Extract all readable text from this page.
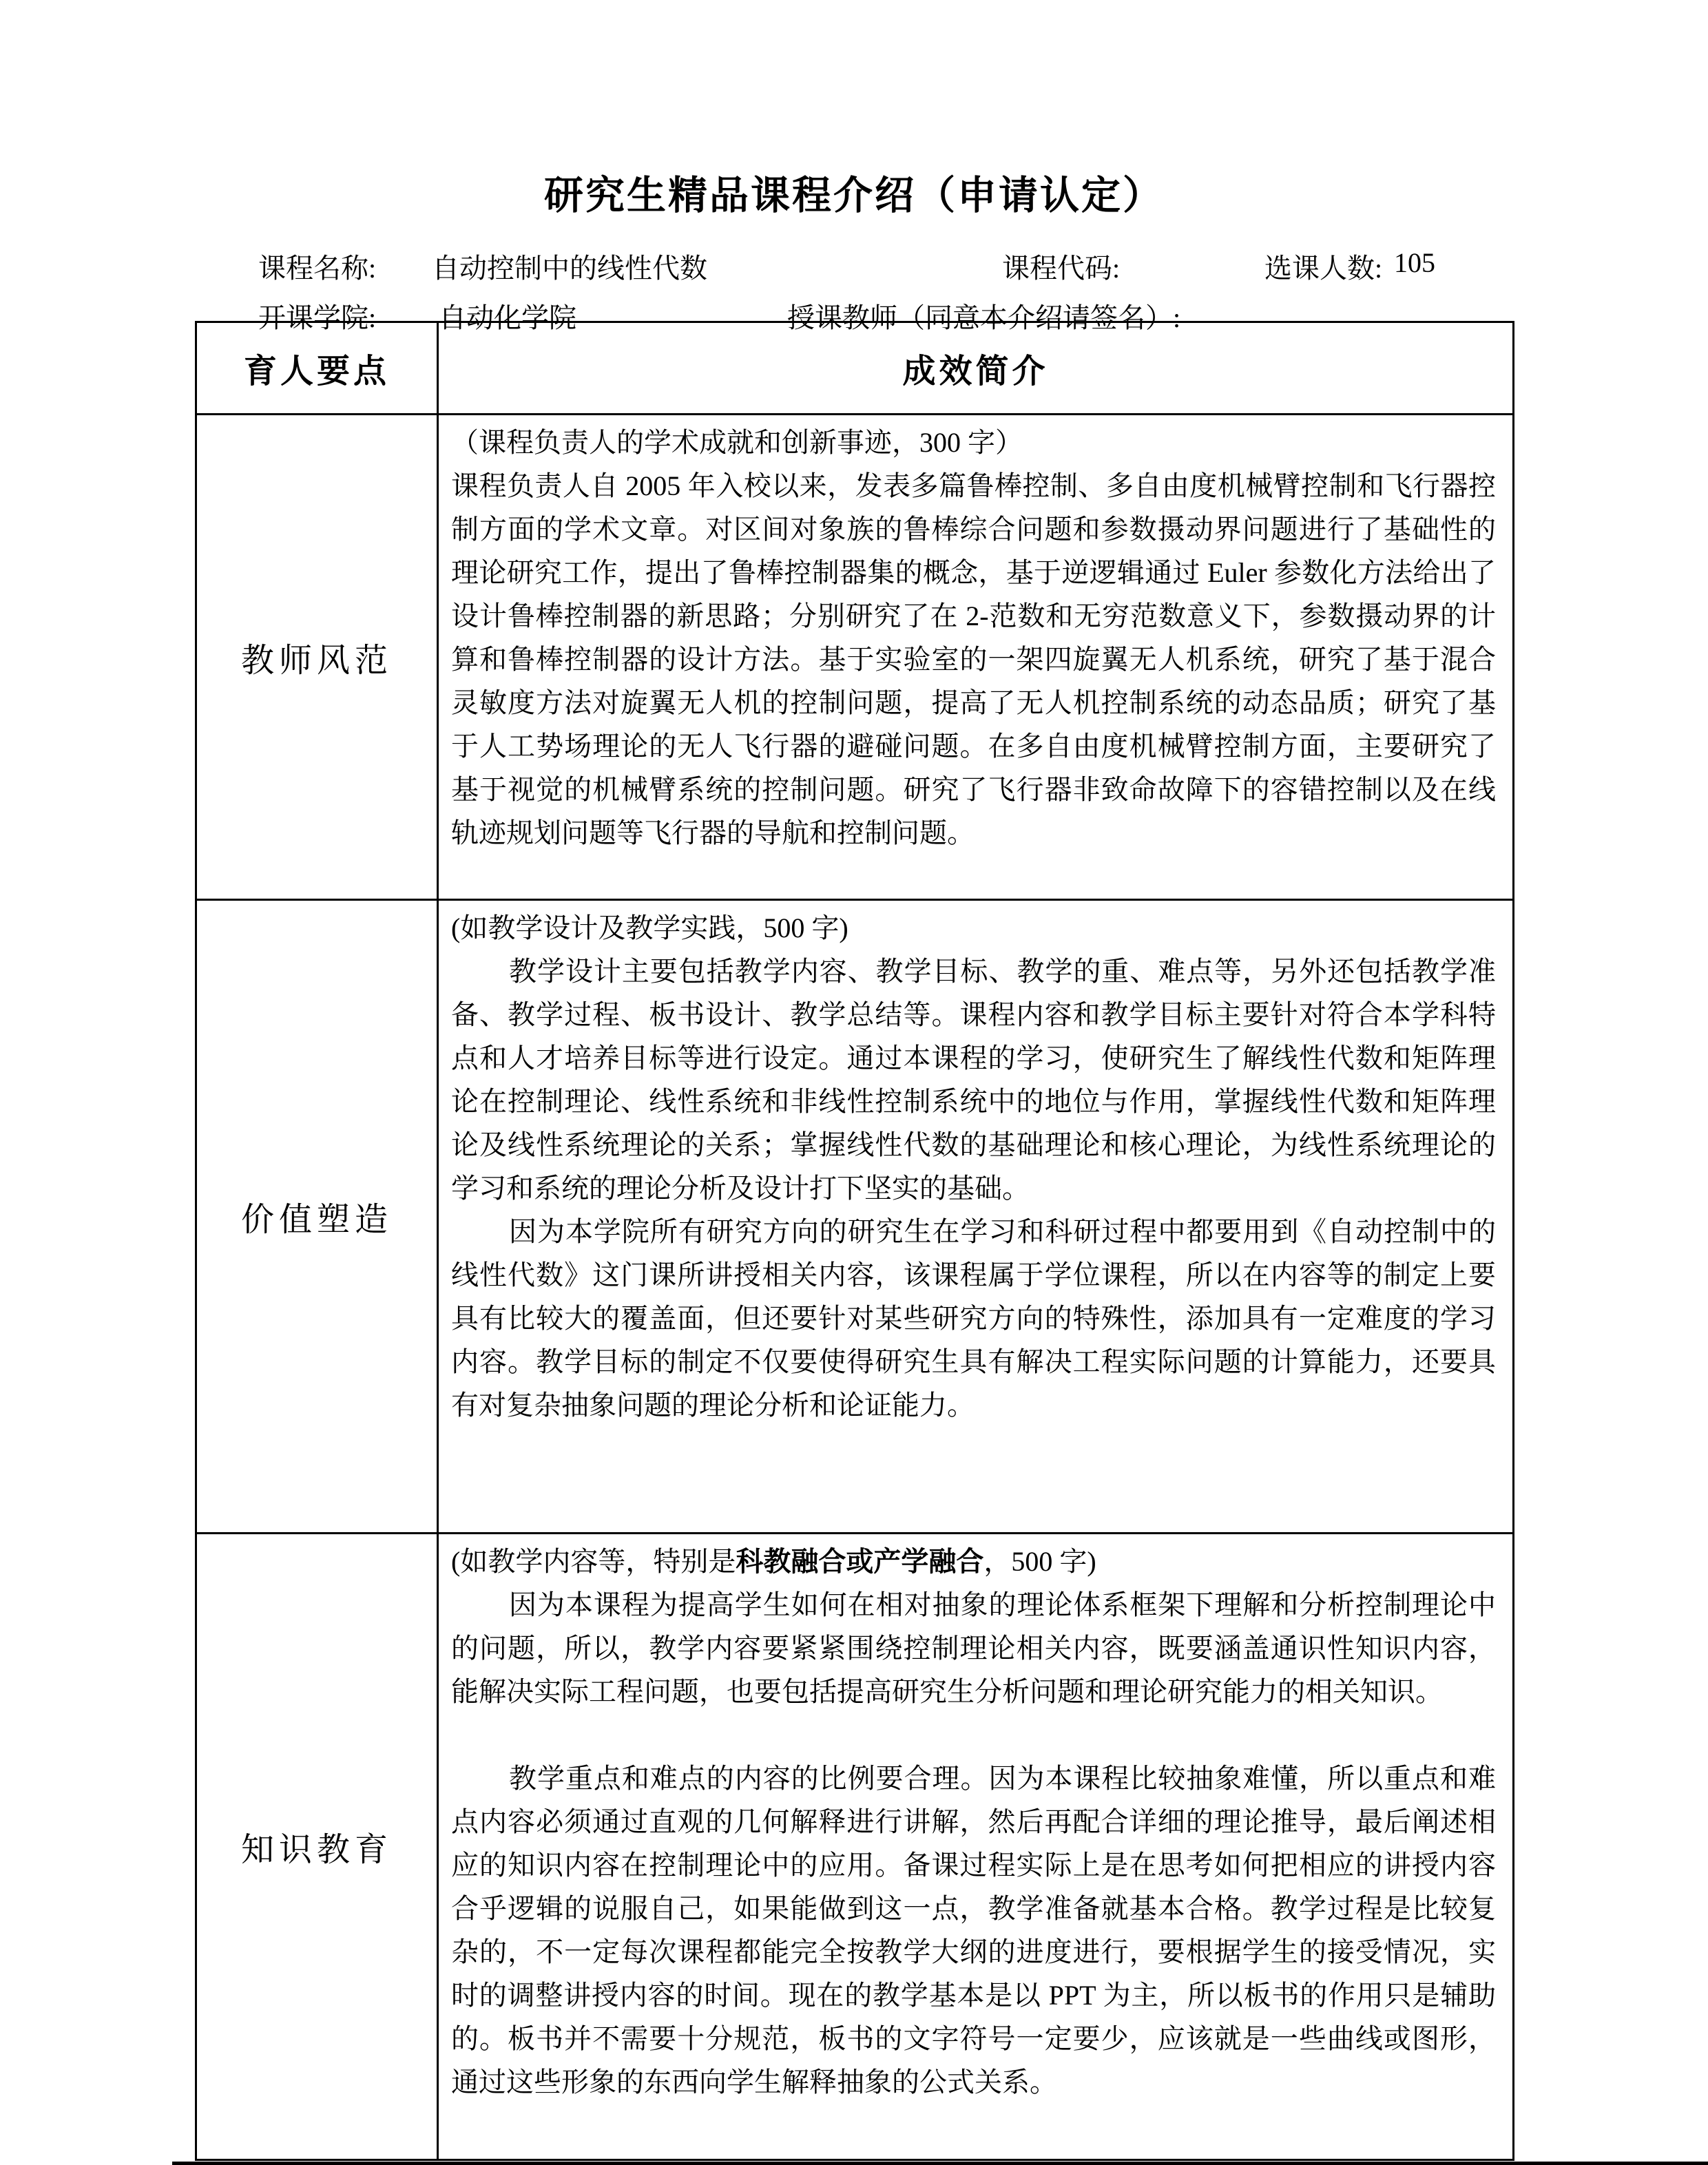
研究生精品课程介绍（申请认定）
课程名称: 自动控制中的线性代数	课程代码:	选课人数: 105
开课学院: 自动化学院	授课教师（同意本介绍请签名）:
育人要点	成效简介
教师风范	（课程负责人的学术成就和创新事迹，300 字）

课程负责人自 2005 年入校以来，发表多篇鲁棒控制、多自由度机械臂控制和飞行器控制方面的学术文章。对区间对象族的鲁棒综合问题和参数摄动界问题进行了基础性的理论研究工作，提出了鲁棒控制器集的概念，基于逆逻辑通过 Euler 参数化方法给出了设计鲁棒控制器的新思路；分别研究了在 2-范数和无穷范数意义下，参数摄动界的计算和鲁棒控制器的设计方法。基于实验室的一架四旋翼无人机系统，研究了基于混合灵敏度方法对旋翼无人机的控制问题，提高了无人机控制系统的动态品质；研究了基于人工势场理论的无人飞行器的避碰问题。在多自由度机械臂控制方面，主要研究了基于视觉的机械臂系统的控制问题。研究了飞行器非致命故障下的容错控制以及在线轨迹规划问题等飞行器的导航和控制问题。

价值塑造	(如教学设计及教学实践，500 字)

教学设计主要包括教学内容、教学目标、教学的重、难点等，另外还包括教学准备、教学过程、板书设计、教学总结等。课程内容和教学目标主要针对符合本学科特点和人才培养目标等进行设定。通过本课程的学习，使研究生了解线性代数和矩阵理论在控制理论、线性系统和非线性控制系统中的地位与作用，掌握线性代数和矩阵理论及线性系统理论的关系；掌握线性代数的基础理论和核心理论，为线性系统理论的学习和系统的理论分析及设计打下坚实的基础。

因为本学院所有研究方向的研究生在学习和科研过程中都要用到《自动控制中的线性代数》这门课所讲授相关内容，该课程属于学位课程，所以在内容等的制定上要具有比较大的覆盖面，但还要针对某些研究方向的特殊性，添加具有一定难度的学习内容。教学目标的制定不仅要使得研究生具有解决工程实际问题的计算能力，还要具有对复杂抽象问题的理论分析和论证能力。

知识教育	(如教学内容等，特别是科教融合或产学融合，500 字)

因为本课程为提高学生如何在相对抽象的理论体系框架下理解和分析控制理论中的问题，所以，教学内容要紧紧围绕控制理论相关内容，既要涵盖通识性知识内容，能解决实际工程问题，也要包括提高研究生分析问题和理论研究能力的相关知识。

教学重点和难点的内容的比例要合理。因为本课程比较抽象难懂，所以重点和难点内容必须通过直观的几何解释进行讲解，然后再配合详细的理论推导，最后阐述相应的知识内容在控制理论中的应用。备课过程实际上是在思考如何把相应的讲授内容合乎逻辑的说服自己，如果能做到这一点，教学准备就基本合格。教学过程是比较复杂的，不一定每次课程都能完全按教学大纲的进度进行，要根据学生的接受情况，实时的调整讲授内容的时间。现在的教学基本是以 PPT 为主，所以板书的作用只是辅助的。板书并不需要十分规范，板书的文字符号一定要少，应该就是一些曲线或图形，通过这些形象的东西向学生解释抽象的公式关系。
